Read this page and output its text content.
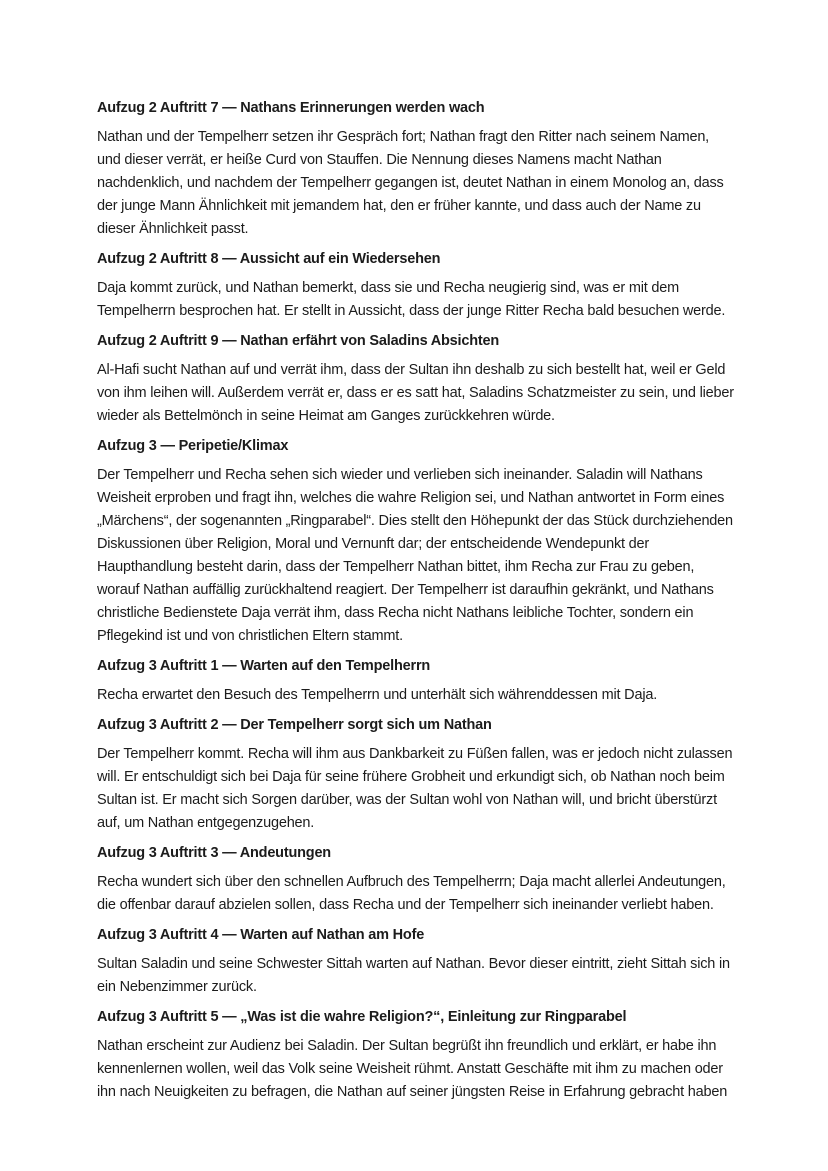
Aufzug 2 Auftritt 7 — Nathans Erinnerungen werden wach

Nathan und der Tempelherr setzen ihr Gespräch fort; Nathan fragt den Ritter nach seinem Namen, und dieser verrät, er heiße Curd von Stauffen. Die Nennung dieses Namens macht Nathan nachdenklich, und nachdem der Tempelherr gegangen ist, deutet Nathan in einem Monolog an, dass der junge Mann Ähnlichkeit mit jemandem hat, den er früher kannte, und dass auch der Name zu dieser Ähnlichkeit passt.

Aufzug 2 Auftritt 8 — Aussicht auf ein Wiedersehen

Daja kommt zurück, und Nathan bemerkt, dass sie und Recha neugierig sind, was er mit dem Tempelherrn besprochen hat. Er stellt in Aussicht, dass der junge Ritter Recha bald besuchen werde.

Aufzug 2 Auftritt 9 — Nathan erfährt von Saladins Absichten

Al-Hafi sucht Nathan auf und verrät ihm, dass der Sultan ihn deshalb zu sich bestellt hat, weil er Geld von ihm leihen will. Außerdem verrät er, dass er es satt hat, Saladins Schatzmeister zu sein, und lieber wieder als Bettelmönch in seine Heimat am Ganges zurückkehren würde.

Aufzug 3 — Peripetie/Klimax

Der Tempelherr und Recha sehen sich wieder und verlieben sich ineinander. Saladin will Nathans Weisheit erproben und fragt ihn, welches die wahre Religion sei, und Nathan antwortet in Form eines „Märchens“, der sogenannten „Ringparabel“. Dies stellt den Höhepunkt der das Stück durchziehenden Diskussionen über Religion, Moral und Vernunft dar; der entscheidende Wendepunkt der Haupthandlung besteht darin, dass der Tempelherr Nathan bittet, ihm Recha zur Frau zu geben, worauf Nathan auffällig zurückhaltend reagiert. Der Tempelherr ist daraufhin gekränkt, und Nathans christliche Bedienstete Daja verrät ihm, dass Recha nicht Nathans leibliche Tochter, sondern ein Pflegekind ist und von christlichen Eltern stammt.

Aufzug 3 Auftritt 1 — Warten auf den Tempelherrn

Recha erwartet den Besuch des Tempelherrn und unterhält sich währenddessen mit Daja.

Aufzug 3 Auftritt 2 — Der Tempelherr sorgt sich um Nathan

Der Tempelherr kommt. Recha will ihm aus Dankbarkeit zu Füßen fallen, was er jedoch nicht zulassen will. Er entschuldigt sich bei Daja für seine frühere Grobheit und erkundigt sich, ob Nathan noch beim Sultan ist. Er macht sich Sorgen darüber, was der Sultan wohl von Nathan will, und bricht überstürzt auf, um Nathan entgegenzugehen.

Aufzug 3 Auftritt 3 — Andeutungen

Recha wundert sich über den schnellen Aufbruch des Tempelherrn; Daja macht allerlei Andeutungen, die offenbar darauf abzielen sollen, dass Recha und der Tempelherr sich ineinander verliebt haben.

Aufzug 3 Auftritt 4 — Warten auf Nathan am Hofe

Sultan Saladin und seine Schwester Sittah warten auf Nathan. Bevor dieser eintritt, zieht Sittah sich in ein Nebenzimmer zurück.

Aufzug 3 Auftritt 5 — „Was ist die wahre Religion?“, Einleitung zur Ringparabel

Nathan erscheint zur Audienz bei Saladin. Der Sultan begrüßt ihn freundlich und erklärt, er habe ihn kennenlernen wollen, weil das Volk seine Weisheit rühmt. Anstatt Geschäfte mit ihm zu machen oder ihn nach Neuigkeiten zu befragen, die Nathan auf seiner jüngsten Reise in Erfahrung gebracht haben
